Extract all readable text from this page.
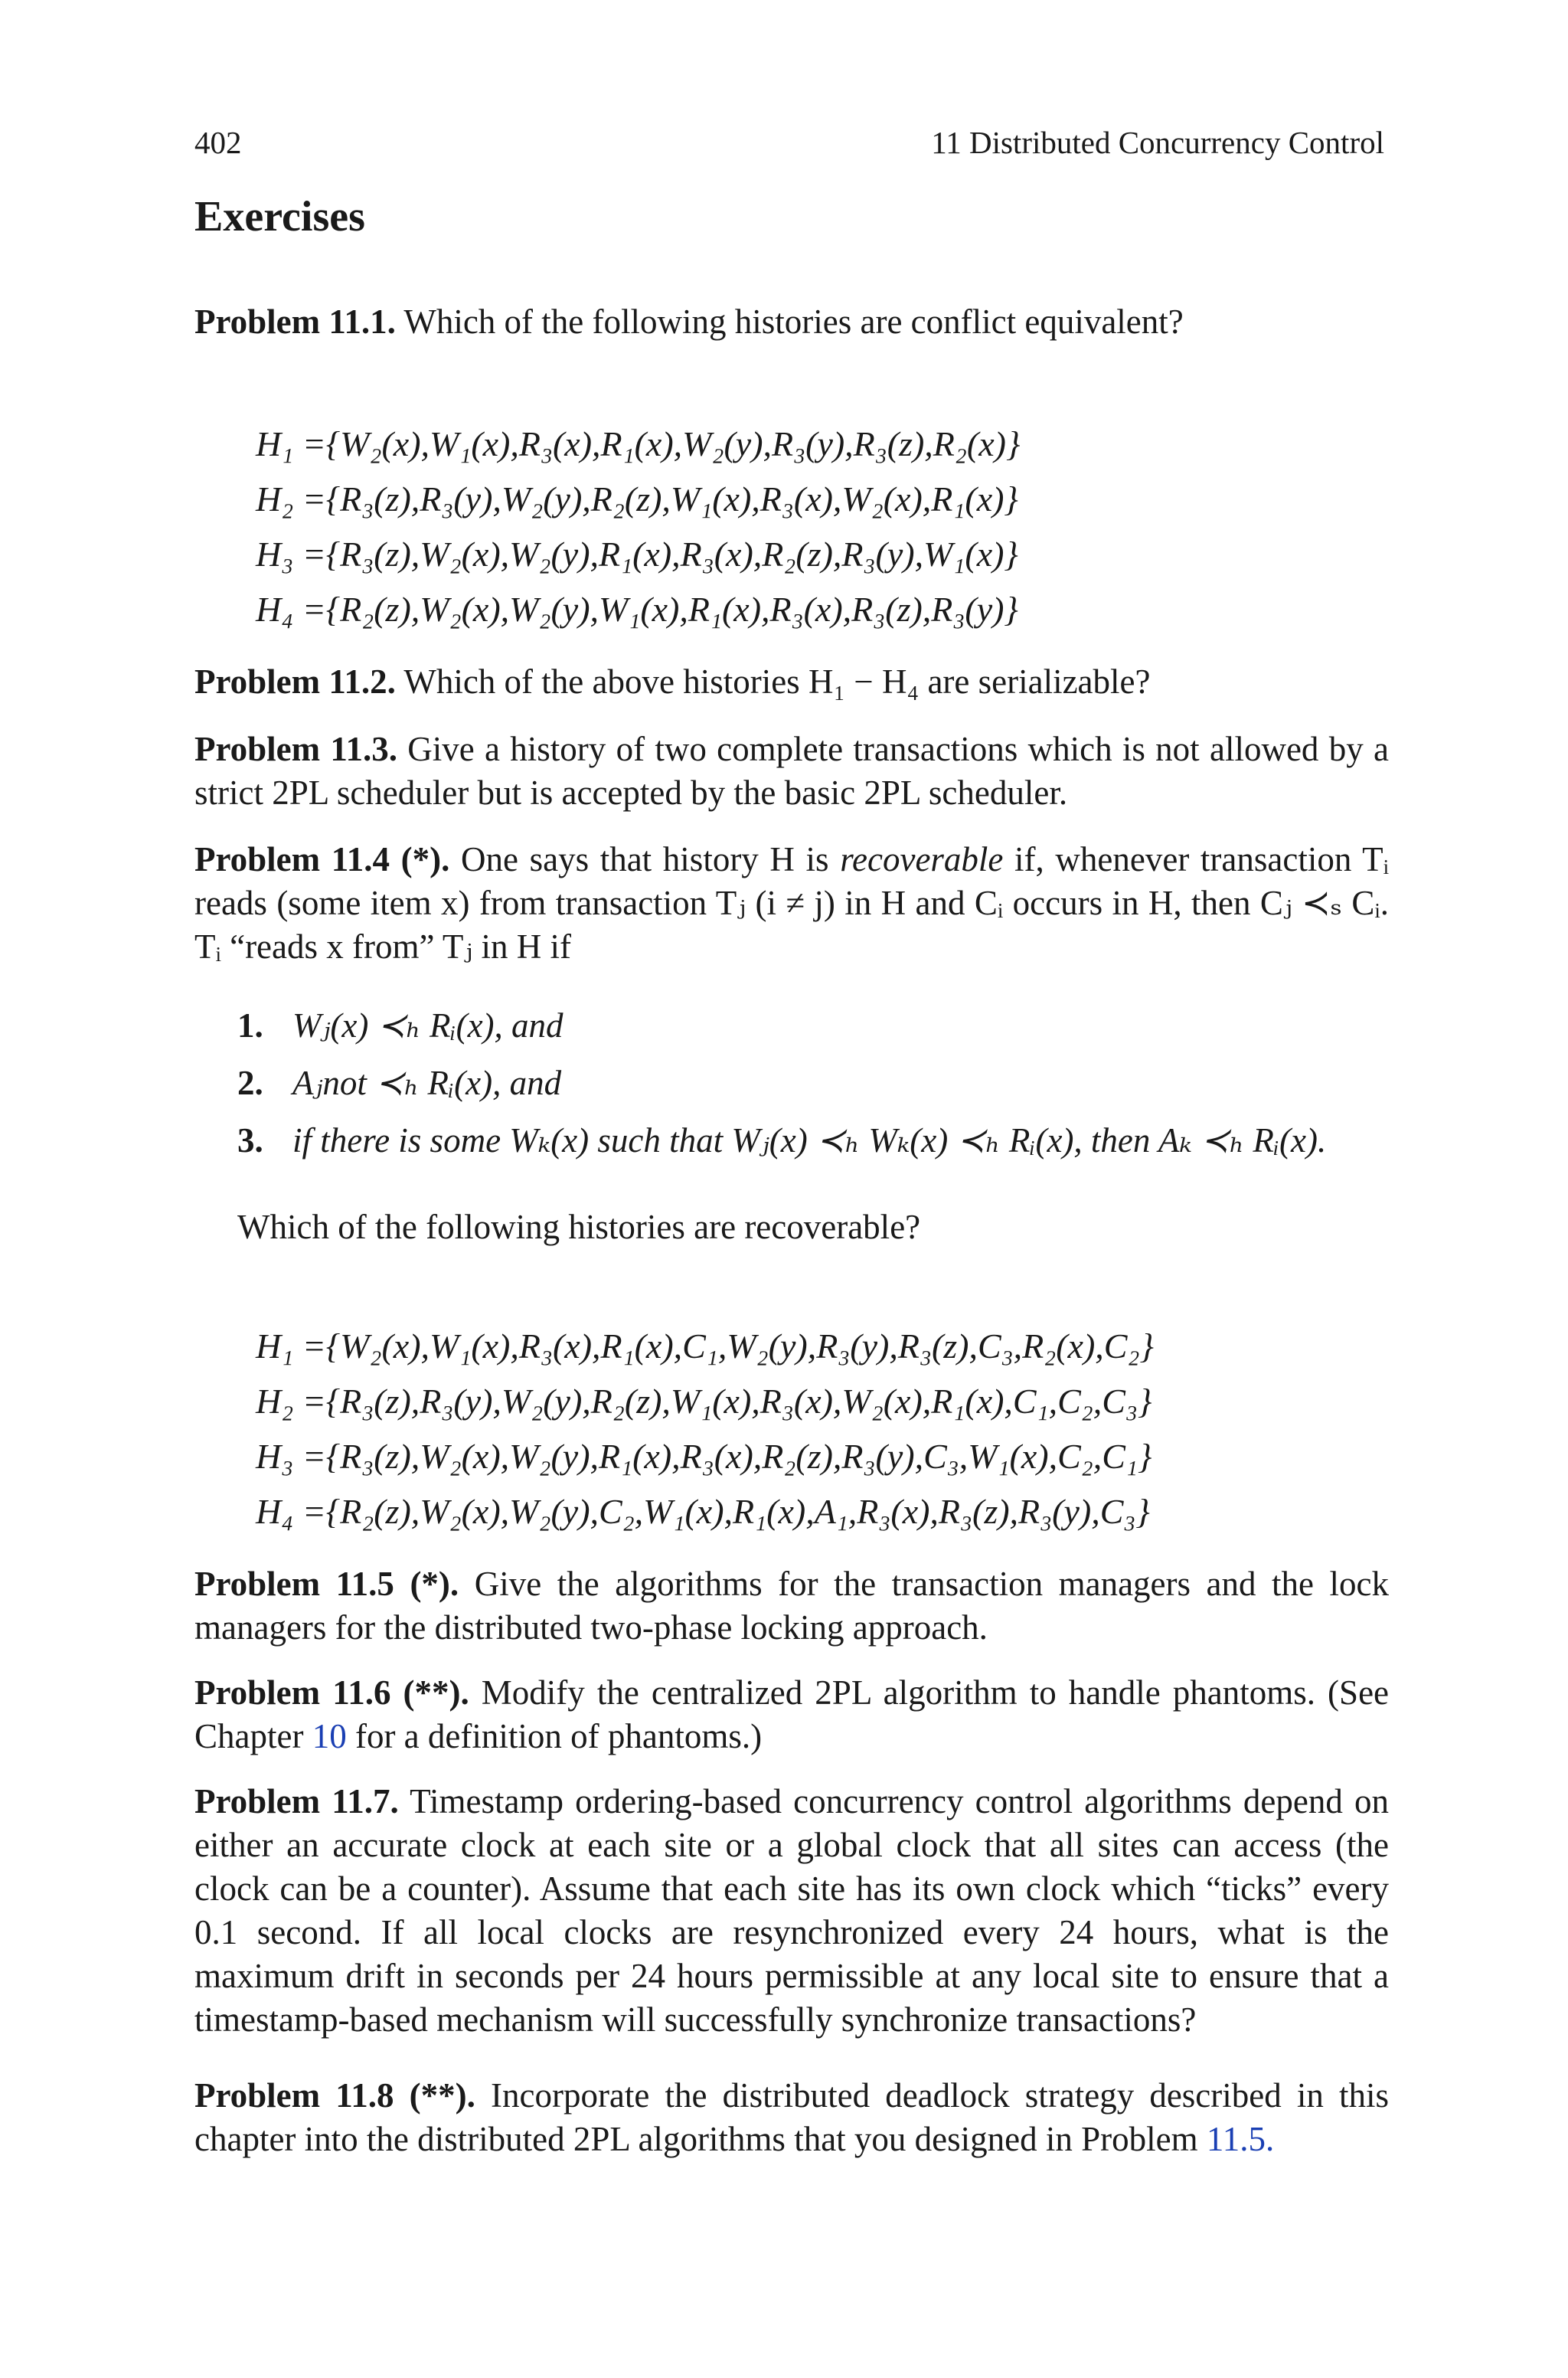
402	11 Distributed Concurrency Control
Exercises
Problem 11.1. Which of the following histories are conflict equivalent?
H₁ ={W₂(x),W₁(x),R₃(x),R₁(x),W₂(y),R₃(y),R₃(z),R₂(x)}
H₂ ={R₃(z),R₃(y),W₂(y),R₂(z),W₁(x),R₃(x),W₂(x),R₁(x)}
H₃ ={R₃(z),W₂(x),W₂(y),R₁(x),R₃(x),R₂(z),R₃(y),W₁(x)}
H₄ ={R₂(z),W₂(x),W₂(y),W₁(x),R₁(x),R₃(x),R₃(z),R₃(y)}
Problem 11.2. Which of the above histories H₁ − H₄ are serializable?
Problem 11.3. Give a history of two complete transactions which is not allowed by a strict 2PL scheduler but is accepted by the basic 2PL scheduler.
Problem 11.4 (*). One says that history H is recoverable if, whenever transaction Tᵢ reads (some item x) from transaction Tⱼ (i ≠ j) in H and Cᵢ occurs in H, then Cⱼ ≺ₛ Cᵢ. Tᵢ “reads x from” Tⱼ in H if
1. Wⱼ(x) ≺ₕ Rᵢ(x), and
2. Aⱼnot ≺ₕ Rᵢ(x), and
3. if there is some Wₖ(x) such that Wⱼ(x) ≺ₕ Wₖ(x) ≺ₕ Rᵢ(x), then Aₖ ≺ₕ Rᵢ(x).
Which of the following histories are recoverable?
H₁ ={W₂(x),W₁(x),R₃(x),R₁(x),C₁,W₂(y),R₃(y),R₃(z),C₃,R₂(x),C₂}
H₂ ={R₃(z),R₃(y),W₂(y),R₂(z),W₁(x),R₃(x),W₂(x),R₁(x),C₁,C₂,C₃}
H₃ ={R₃(z),W₂(x),W₂(y),R₁(x),R₃(x),R₂(z),R₃(y),C₃,W₁(x),C₂,C₁}
H₄ ={R₂(z),W₂(x),W₂(y),C₂,W₁(x),R₁(x),A₁,R₃(x),R₃(z),R₃(y),C₃}
Problem 11.5 (*). Give the algorithms for the transaction managers and the lock managers for the distributed two-phase locking approach.
Problem 11.6 (**). Modify the centralized 2PL algorithm to handle phantoms. (See Chapter 10 for a definition of phantoms.)
Problem 11.7. Timestamp ordering-based concurrency control algorithms depend on either an accurate clock at each site or a global clock that all sites can access (the clock can be a counter). Assume that each site has its own clock which “ticks” every 0.1 second. If all local clocks are resynchronized every 24 hours, what is the maximum drift in seconds per 24 hours permissible at any local site to ensure that a timestamp-based mechanism will successfully synchronize transactions?
Problem 11.8 (**). Incorporate the distributed deadlock strategy described in this chapter into the distributed 2PL algorithms that you designed in Problem 11.5.
